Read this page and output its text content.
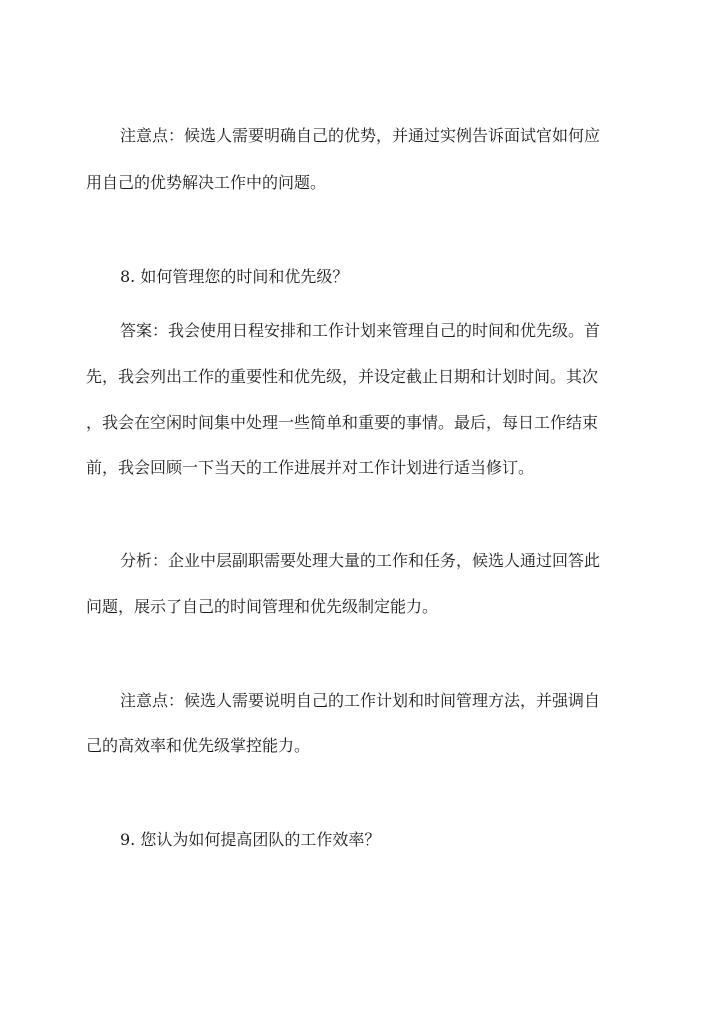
注意点：候选人需要明确自己的优势，并通过实例告诉面试官如何应
用自己的优势解决工作中的问题。
8. 如何管理您的时间和优先级？
答案：我会使用日程安排和工作计划来管理自己的时间和优先级。首
先，我会列出工作的重要性和优先级，并设定截止日期和计划时间。其次
，我会在空闲时间集中处理一些简单和重要的事情。最后，每日工作结束
前，我会回顾一下当天的工作进展并对工作计划进行适当修订。
分析：企业中层副职需要处理大量的工作和任务，候选人通过回答此
问题，展示了自己的时间管理和优先级制定能力。
注意点：候选人需要说明自己的工作计划和时间管理方法，并强调自
己的高效率和优先级掌控能力。
9. 您认为如何提高团队的工作效率？
